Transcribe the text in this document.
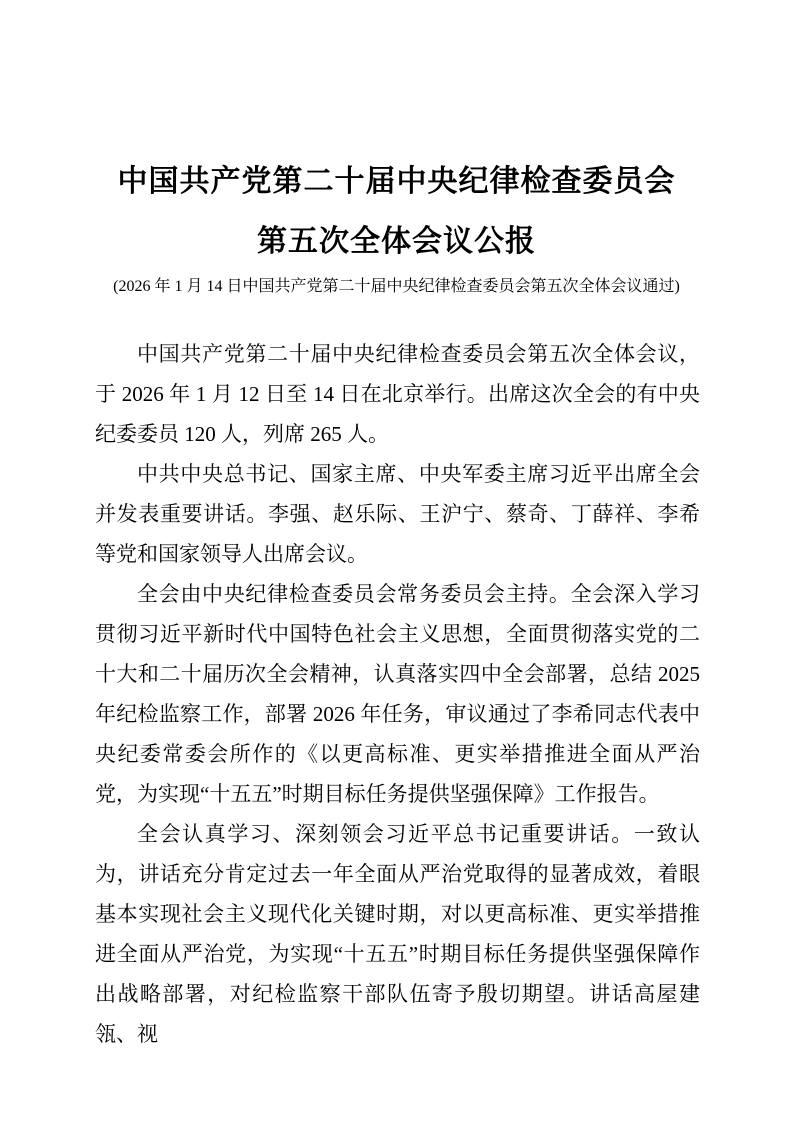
中国共产党第二十届中央纪律检查委员会
第五次全体会议公报
(2026 年 1 月 14 日中国共产党第二十届中央纪律检查委员会第五次全体会议通过)

中国共产党第二十届中央纪律检查委员会第五次全体会议，于 2026 年 1 月 12 日至 14 日在北京举行。出席这次全会的有中央纪委委员 120 人，列席 265 人。

中共中央总书记、国家主席、中央军委主席习近平出席全会并发表重要讲话。李强、赵乐际、王沪宁、蔡奇、丁薛祥、李希等党和国家领导人出席会议。

全会由中央纪律检查委员会常务委员会主持。全会深入学习贯彻习近平新时代中国特色社会主义思想，全面贯彻落实党的二十大和二十届历次全会精神，认真落实四中全会部署，总结 2025 年纪检监察工作，部署 2026 年任务，审议通过了李希同志代表中央纪委常委会所作的《以更高标准、更实举措推进全面从严治党，为实现“十五五”时期目标任务提供坚强保障》工作报告。

全会认真学习、深刻领会习近平总书记重要讲话。一致认为，讲话充分肯定过去一年全面从严治党取得的显著成效，着眼基本实现社会主义现代化关键时期，对以更高标准、更实举措推进全面从严治党，为实现“十五五”时期目标任务提供坚强保障作出战略部署，对纪检监察干部队伍寄予殷切期望。讲话高屋建瓴、视
